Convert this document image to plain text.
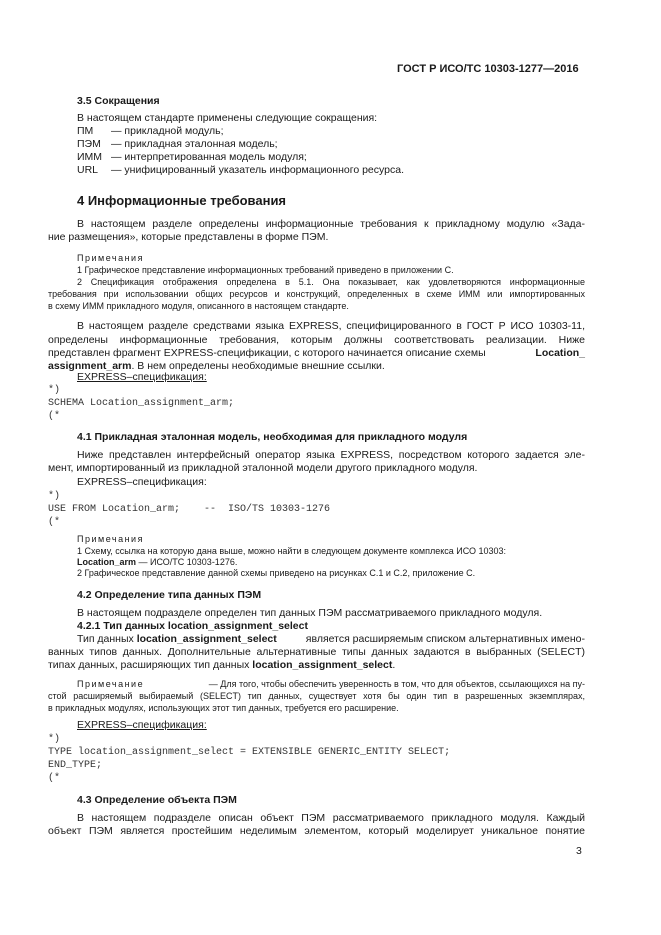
ГОСТ Р ИСО/ТС 10303-1277—2016
3.5 Сокращения
В настоящем стандарте применены следующие сокращения:
ПМ	— прикладной модуль;
ПЭМ — прикладная эталонная модель;
ИММ — интерпретированная модель модуля;
URL	— унифицированный указатель информационного ресурса.
4 Информационные требования
В настоящем разделе определены информационные требования к прикладному модулю «Зада-
ние размещения», которые представлены в форме ПЭМ.
Примечания
1 Графическое представление информационных требований приведено в приложении С.
2 Спецификация отображения определена в 5.1. Она показывает, как удовлетворяются информационные
требования при использовании общих ресурсов и конструкций, определенных в схеме ИММ или импортированных
в схему ИММ прикладного модуля, описанного в настоящем стандарте.
В настоящем разделе средствами языка EXPRESS, специфицированного в ГОСТ Р ИСО 10303-11,
определены информационные требования, которым должны соответствовать реализации. Ниже
представлен фрагмент EXPRESS-спецификации, с которого начинается описание схемы	Location_
assignment_arm. В нем определены необходимые внешние ссылки.
EXPRESS–спецификация:
*)
SCHEMA Location_assignment_arm;
(*
4.1 Прикладная эталонная модель, необходимая для прикладного модуля
Ниже представлен интерфейсный оператор языка EXPRESS, посредством которого задается эле-
мент, импортированный из прикладной эталонной модели другого прикладного модуля.
EXPRESS–спецификация:
*)
USE FROM Location_arm;    --  ISO/TS 10303-1276
(*
Примечания
1 Схему, ссылка на которую дана выше, можно найти в следующем документе комплекса ИСО 10303:
Location_arm — ИСО/ТС 10303-1276.
2 Графическое представление данной схемы приведено на рисунках С.1 и С.2, приложение С.
4.2 Определение типа данных ПЭМ
В настоящем подразделе определен тип данных ПЭМ рассматриваемого прикладного модуля.
4.2.1 Тип данных location_assignment_select
Тип данных location_assignment_select	является расширяемым списком альтернативных имено-
ванных типов данных. Дополнительные альтернативные типы данных задаются в выбранных (SELECT)
типах данных, расширяющих тип данных location_assignment_select.
Примечание	— Для того, чтобы обеспечить уверенность в том, что для объектов, ссылающихся на пу-
стой расширяемый выбираемый (SELECT) тип данных, существует хотя бы один тип в разрешенных экземплярах,
в прикладных модулях, использующих этот тип данных, требуется его расширение.
EXPRESS–спецификация:
*)
TYPE location_assignment_select = EXTENSIBLE GENERIC_ENTITY SELECT;
END_TYPE;
(*
4.3 Определение объекта ПЭМ
В настоящем подразделе описан объект ПЭМ рассматриваемого прикладного модуля. Каждый
объект ПЭМ является простейшим неделимым элементом, который моделирует уникальное понятие
3
